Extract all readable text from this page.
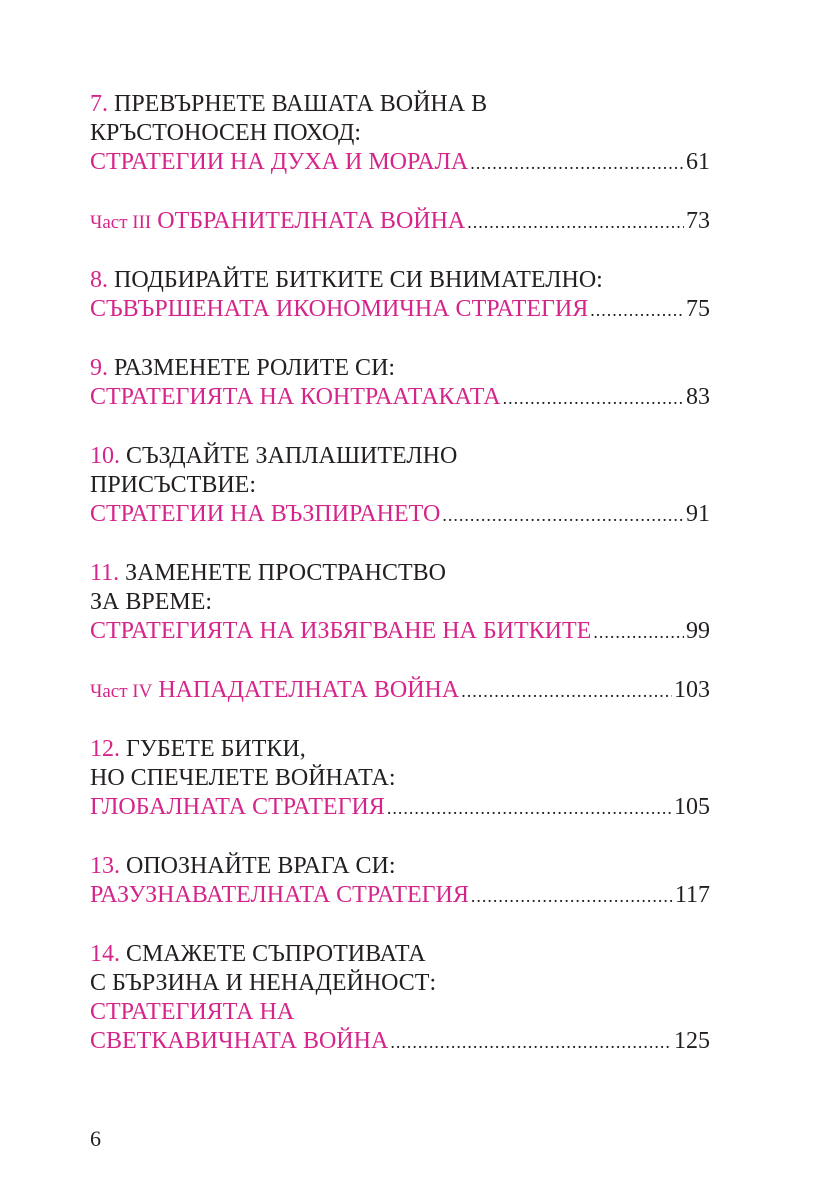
7. ПРЕВЪРНЕТЕ ВАШАТА ВОЙНА В
КРЪСТОНОСЕН ПОХОД:
СТРАТЕГИИ НА ДУХА И МОРАЛА .....	61
Част III ОТБРАНИТЕЛНАТА ВОЙНА .....	73
8. ПОДБИРАЙТЕ БИТКИТЕ СИ ВНИМАТЕЛНО:
СЪВЪРШЕНАТА ИКОНОМИЧНА СТРАТЕГИЯ .....	75
9. РАЗМЕНЕТЕ РОЛИТЕ СИ:
СТРАТЕГИЯТА НА КОНТРААТАКАТА .....	83
10. СЪЗДАЙТЕ ЗАПЛАШИТЕЛНО
ПРИСЪСТВИЕ:
СТРАТЕГИИ НА ВЪЗПИРАНЕТО .....	91
11. ЗАМЕНЕТЕ ПРОСТРАНСТВО
ЗА ВРЕМЕ:
СТРАТЕГИЯТА НА ИЗБЯГВАНЕ НА БИТКИТЕ .....	99
Част IV НАПАДАТЕЛНАТА ВОЙНА .....	103
12. ГУБЕТЕ БИТКИ,
НО СПЕЧЕЛЕТЕ ВОЙНАТА:
ГЛОБАЛНАТА СТРАТЕГИЯ .....	105
13. ОПОЗНАЙТЕ ВРАГА СИ:
РАЗУЗНАВАТЕЛНАТА СТРАТЕГИЯ .....	117
14. СМАЖЕТЕ СЪПРОТИВАТА
С БЪРЗИНА И НЕНАДЕЙНОСТ:
СТРАТЕГИЯТА НА
СВЕТКАВИЧНАТА ВОЙНА .....	125
6
